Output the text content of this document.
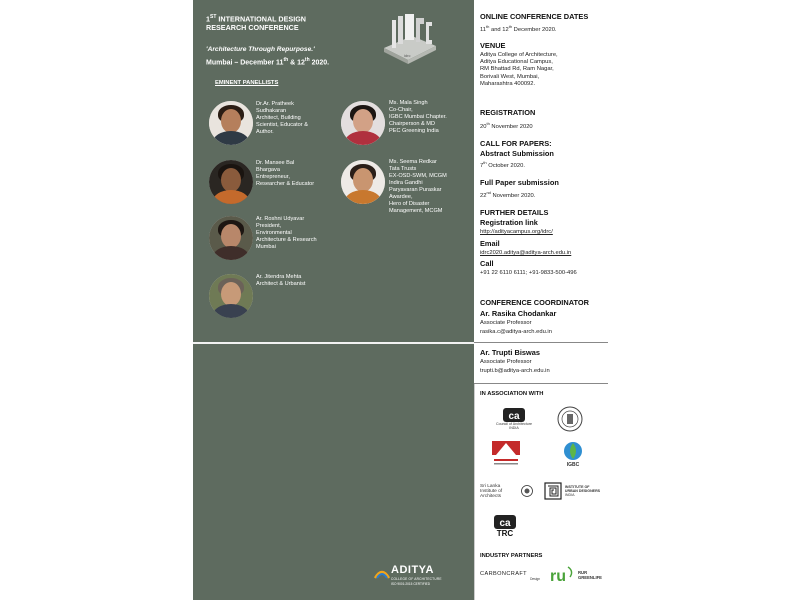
1ST INTERNATIONAL DESIGN
RESEARCH CONFERENCE
'Architecture Through Repurpose.'
Mumbai – December 11th & 12th 2020.
idrc
EMINENT PANELLISTS
Dr.Ar. Pratheek
Sudhakaran
Architect, Building
Scientist, Educator &
Author.
Dr. Mansee Bal
Bhargava
Entrepreneur,
Researcher & Educator
Ar. Roshni Udyavar
President,
Environmental
Architecture & Research
Mumbai
Ar. Jitendra Mehta
Architect & Urbanist
Ms. Mala Singh
Co-Chair,
IGBC Mumbai Chapter.
Chairperson & MD
PEC Greening India
Ms. Seema Redkar
Tata Trusts
EX-OSD-SWM, MCGM
Indira Gandhi
Paryavaran Puraskar
Awardee,
Hero of Disaster
Management, MCGM
ADITYA
COLLEGE OF ARCHITECTURE
ISO 9001:2015 CERTIFIED
ONLINE CONFERENCE DATES
11th and 12th December 2020.
VENUE
Aditya College of Architecture,
Aditya Educational Campus,
RM Bhattad Rd, Ram Nagar,
Borivali West, Mumbai,
Maharashtra 400092.
REGISTRATION
20th November 2020
CALL FOR PAPERS:
Abstract Submission
7th October 2020.
Full Paper submission
22nd November 2020.
FURTHER DETAILS
Registration link
http://adityacampus.org/idrc/
Email
idrc2020.aditya@aditya-arch.edu.in
Call
+91 22 6110 6111; +91-9833-500-496
CONFERENCE COORDINATOR
Ar. Rasika Chodankar
Associate Professor
rasika.c@aditya-arch.edu.in
Ar. Trupti Biswas
Associate Professor
trupti.b@aditya-arch.edu.in
IN ASSOCIATION WITH
ca
Council of Architecture
INDIA
IGBC
Sri Lanka
Institute of
Architects
INSTITUTE OF
URBAN DESIGNERS
INDIA
ca
TRC
INDUSTRY PARTNERS
CARBONCRAFT
Design ru	RUR
GREENLIFE
